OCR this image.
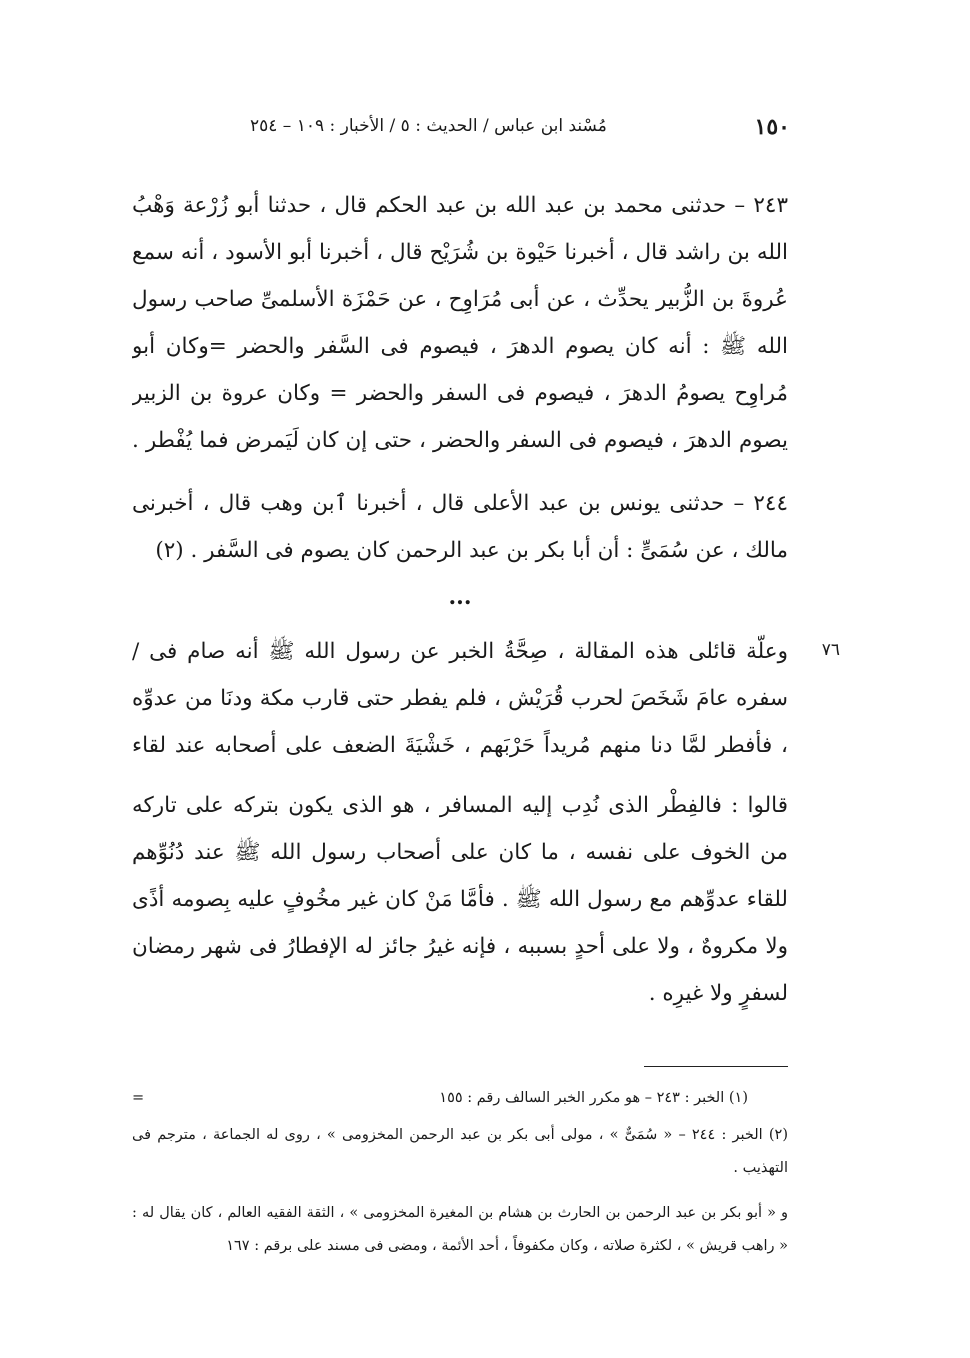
١٥٠
مُسْند ابن عباس / الحديث : ٥ / الأخبار : ١٠٩ – ٢٥٤
٧٦

٢٤٣ – حدثنى محمد بن عبد الله بن عبد الحكم قال ، حدثنا أبو زُرْعة وَهْبُ الله بن راشد قال ، أخبرنا حَيْوة بن شُرَيْح قال ، أخبرنا أبو الأسود ، أنه سمع عُروةَ بن الزُّبير يحدِّث ، عن أبى مُرَاوِح ، عن حَمْزَة الأسلمىِّ صاحب رسول الله ﷺ : أنه كان يصوم الدهرَ ، فيصوم فى السَّفر والحضر =وكان أبو مُراوِح يصومُ الدهرَ ، فيصوم فى السفر والحضر = وكان عروة بن الزبير يصوم الدهرَ ، فيصوم فى السفر والحضر ، حتى إن كان لَيَمرض فما يُفْطر .

٢٤٤ – حدثنى يونس بن عبد الأعلى قال ، أخبرنا ٱبن وهب قال ، أخبرنى مالك ، عن سُمَىٍّ : أن أبا بكر بن عبد الرحمن كان يصوم فى السَّفر . (٢)

...

وعلّة قائلى هذه المقالة ، صِحَّةُ الخبر عن رسول الله ﷺ أنه صام فى / سفره عامَ شَخَصَ لحرب قُرَيْش ، فلم يفطر حتى قارب مكة ودنَا من عدوِّه ، فأفطر لمَّا دنا منهم مُريداً حَرْبَهم ، خَشْيَةَ الضعف على أصحابه عند لقاء

قالوا : فالفِطْر الذى نُدِب إليه المسافر ، هو الذى يكون بتركه على تاركه من الخوف على نفسه ، ما كان على أصحاب رسول الله ﷺ عند دُنُوِّهم للقاء عدوِّهم مع رسول الله ﷺ . فأمَّا مَنْ كان غير مخُوفٍ عليه بِصومه أذًى ولا مكروهٌ ، ولا على أحدٍ بسببه ، فإنه غيرُ جائز له الإفطارُ فى شهر رمضان لسفرٍ ولا غيرِه .

(١) الخبر : ٢٤٣ – هو مكرر الخبر السالف رقم : ١٥٥
=

(٢) الخبر : ٢٤٤ – « سُمَىٌّ » ، مولى أبى بكر بن عبد الرحمن المخزومى » ، روى له الجماعة ، مترجم فى التهذيب .

و « أبو بكر بن عبد الرحمن بن الحارث بن هشام بن المغيرة المخزومى » ، الثقة الفقيه العالم ، كان يقال له : « راهب قريش » ، لكثرة صلاته ، وكان مكفوفاً ، أحد الأئمة ، ومضى فى مسند على برقم : ١٦٧
